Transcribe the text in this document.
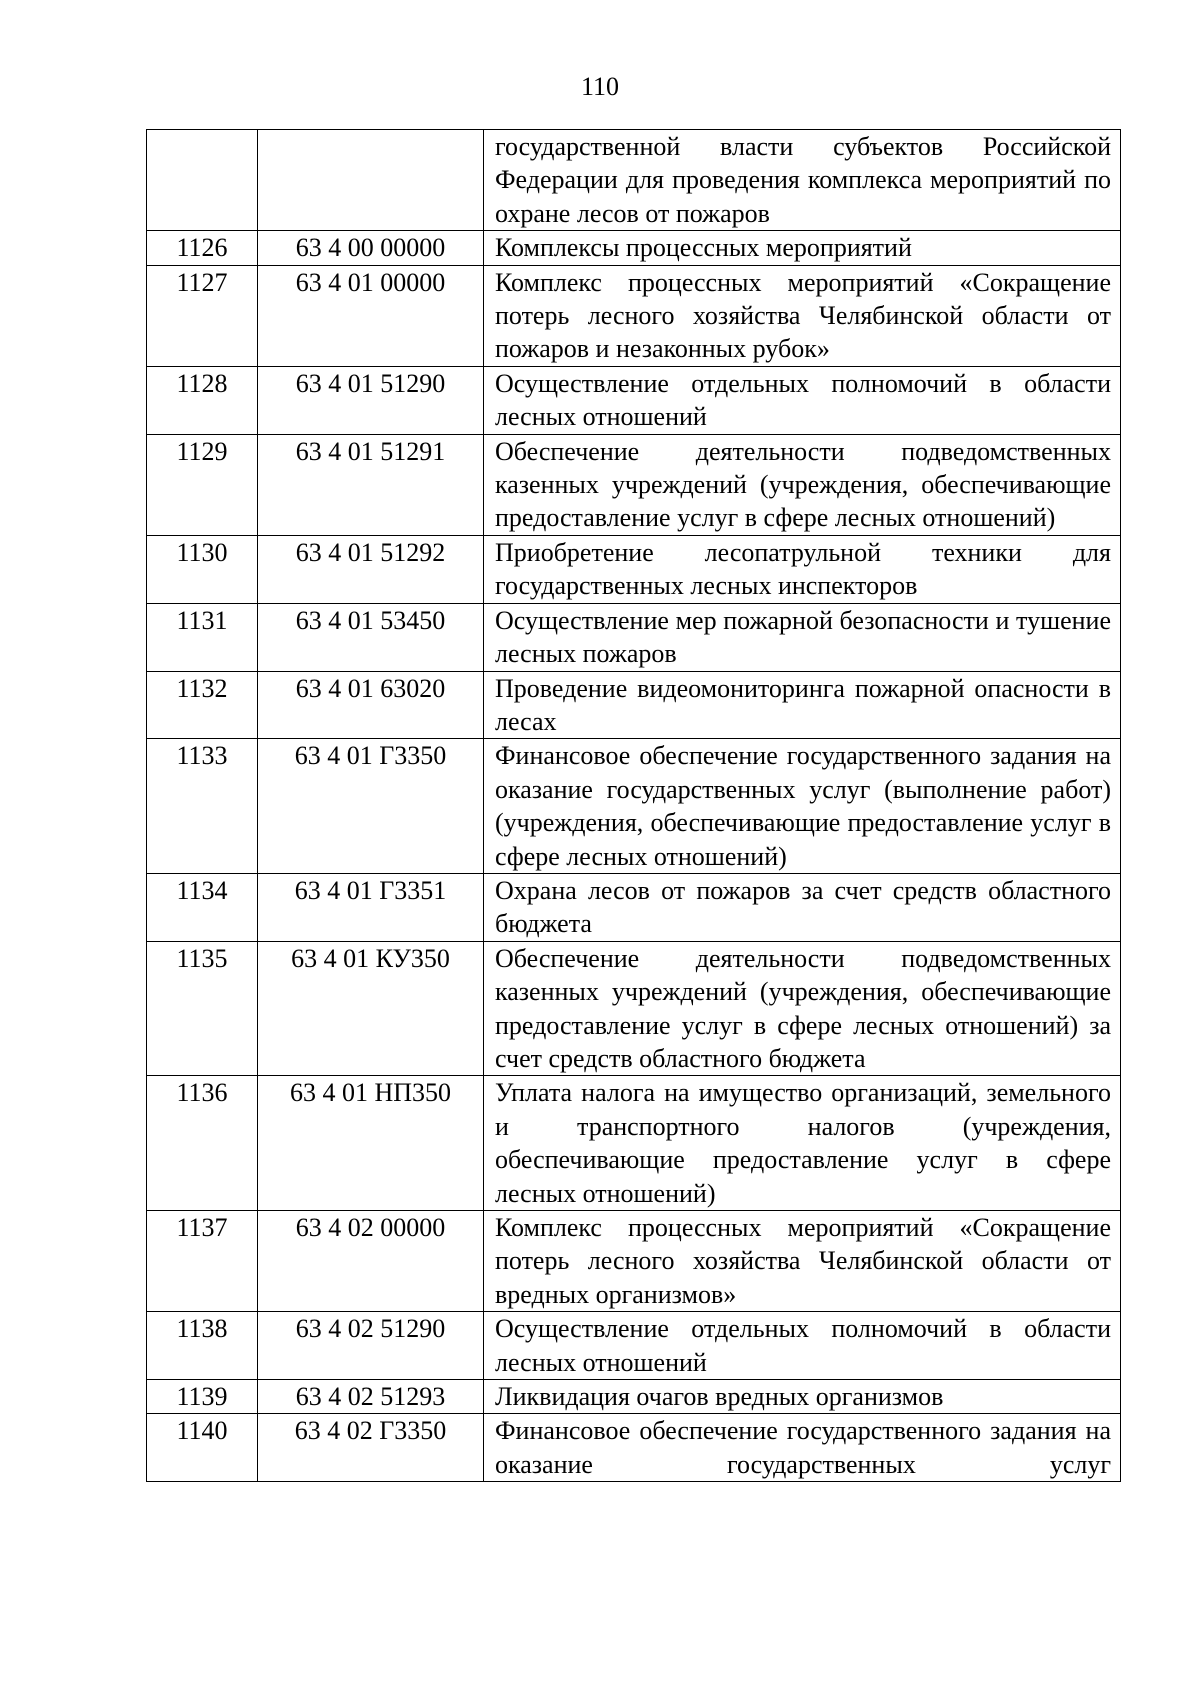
110
		государственной власти субъектов Российской Федерации для проведения комплекса мероприятий по охране лесов от пожаров
1126	63 4 00 00000	Комплексы процессных мероприятий
1127	63 4 01 00000	Комплекс процессных мероприятий «Сокращение потерь лесного хозяйства Челябинской области от пожаров и незаконных рубок»
1128	63 4 01 51290	Осуществление отдельных полномочий в области лесных отношений
1129	63 4 01 51291	Обеспечение деятельности подведомственных казенных учреждений (учреждения, обеспечивающие предоставление услуг в сфере лесных отношений)
1130	63 4 01 51292	Приобретение лесопатрульной техники для государственных лесных инспекторов
1131	63 4 01 53450	Осуществление мер пожарной безопасности и тушение лесных пожаров
1132	63 4 01 63020	Проведение видеомониторинга пожарной опасности в лесах
1133	63 4 01 Г3350	Финансовое обеспечение государственного задания на оказание государственных услуг (выполнение работ) (учреждения, обеспечивающие предоставление услуг в сфере лесных отношений)
1134	63 4 01 Г3351	Охрана лесов от пожаров за счет средств областного бюджета
1135	63 4 01 КУ350	Обеспечение деятельности подведомственных казенных учреждений (учреждения, обеспечивающие предоставление услуг в сфере лесных отношений) за счет средств областного бюджета
1136	63 4 01 НП350	Уплата налога на имущество организаций, земельного и транспортного налогов (учреждения, обеспечивающие предоставление услуг в сфере лесных отношений)
1137	63 4 02 00000	Комплекс процессных мероприятий «Сокращение потерь лесного хозяйства Челябинской области от вредных организмов»
1138	63 4 02 51290	Осуществление отдельных полномочий в области лесных отношений
1139	63 4 02 51293	Ликвидация очагов вредных организмов
1140	63 4 02 Г3350	Финансовое обеспечение государственного задания на оказание государственных услуг
